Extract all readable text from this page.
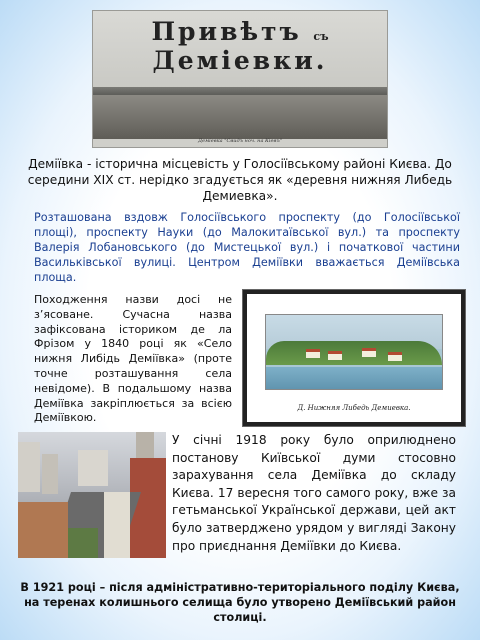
Привѣтъ съ Деміевки.
Дeміевка "Свидъ ноч. на Кіевъ"

Деміївка - історична місцевість у Голосіївському районі Києва. До середини XIX ст. нерідко згадується як «деревня нижняя Либедь Демиевка».

Розташована вздовж Голосіївського проспекту (до Голосіївської площі), проспекту Науки (до Малокитаївської вул.) та проспекту Валерія Лобановського (до Мистецької вул.) і початкової частини Васильківської вулиці. Центром Деміївки вважається Деміївська площа.

Походження назви досі не з’ясоване. Сучасна назва зафіксована істориком де ла Фрізом у 1840 році як «Село нижня Либідь Деміївка» (проте точне розташування села невідоме). В подальшому назва Деміївка закріплюється за всією Деміївкою.

Д. Нижняя Либедь Демиевка.

У січні 1918 року було оприлюднено постанову Київської думи стосовно зарахування села Деміївка до складу Києва. 17 вересня того самого року, вже за гетьманської Української держави, цей акт було затверджено урядом у вигляді Закону про приєднання Деміївки до Києва.

В 1921 році – після адміністративно-територіального поділу Києва, на теренах колишнього селища було утворено Деміївський район столиці.
